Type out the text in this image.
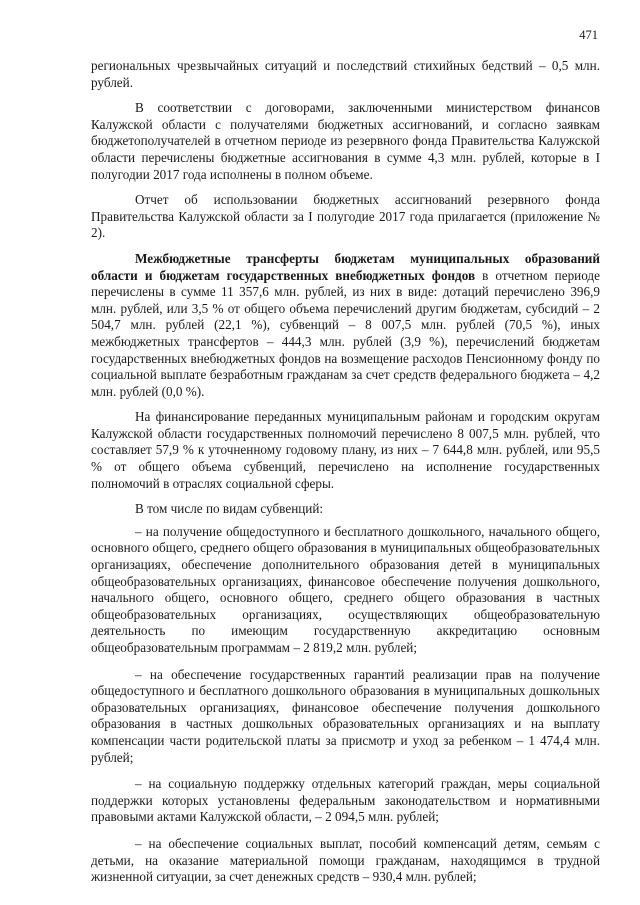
471

региональных чрезвычайных ситуаций и последствий стихийных бедствий – 0,5 млн. рублей.

В соответствии с договорами, заключенными министерством финансов Калужской области с получателями бюджетных ассигнований, и согласно заявкам бюджетополучателей в отчетном периоде из резервного фонда Правительства Калужской области перечислены бюджетные ассигнования в сумме 4,3 млн. рублей, которые в I полугодии 2017 года исполнены в полном объеме.

Отчет об использовании бюджетных ассигнований резервного фонда Правительства Калужской области за I полугодие 2017 года прилагается (приложение № 2).

Межбюджетные трансферты бюджетам муниципальных образований области и бюджетам государственных внебюджетных фондов в отчетном периоде перечислены в сумме 11 357,6 млн. рублей, из них в виде: дотаций перечислено 396,9 млн. рублей, или 3,5 % от общего объема перечислений другим бюджетам, субсидий – 2 504,7 млн. рублей (22,1 %), субвенций – 8 007,5 млн. рублей (70,5 %), иных межбюджетных трансфертов – 444,3 млн. рублей (3,9 %), перечислений бюджетам государственных внебюджетных фондов на возмещение расходов Пенсионному фонду по социальной выплате безработным гражданам за счет средств федерального бюджета – 4,2 млн. рублей (0,0 %).

На финансирование переданных муниципальным районам и городским округам Калужской области государственных полномочий перечислено 8 007,5 млн. рублей, что составляет 57,9 % к уточненному годовому плану, из них – 7 644,8 млн. рублей, или 95,5 % от общего объема субвенций, перечислено на исполнение государственных полномочий в отраслях социальной сферы.

В том числе по видам субвенций:

– на получение общедоступного и бесплатного дошкольного, начального общего, основного общего, среднего общего образования в муниципальных общеобразовательных организациях, обеспечение дополнительного образования детей в муниципальных общеобразовательных организациях, финансовое обеспечение получения дошкольного, начального общего, основного общего, среднего общего образования в частных общеобразовательных организациях, осуществляющих общеобразовательную деятельность по имеющим государственную аккредитацию основным общеобразовательным программам – 2 819,2 млн. рублей;

– на обеспечение государственных гарантий реализации прав на получение общедоступного и бесплатного дошкольного образования в муниципальных дошкольных образовательных организациях, финансовое обеспечение получения дошкольного образования в частных дошкольных образовательных организациях и на выплату компенсации части родительской платы за присмотр и уход за ребенком – 1 474,4 млн. рублей;

– на социальную поддержку отдельных категорий граждан, меры социальной поддержки которых установлены федеральным законодательством и нормативными правовыми актами Калужской области, – 2 094,5 млн. рублей;

– на обеспечение социальных выплат, пособий компенсаций детям, семьям с детьми, на оказание материальной помощи гражданам, находящимся в трудной жизненной ситуации, за счет денежных средств – 930,4 млн. рублей;
